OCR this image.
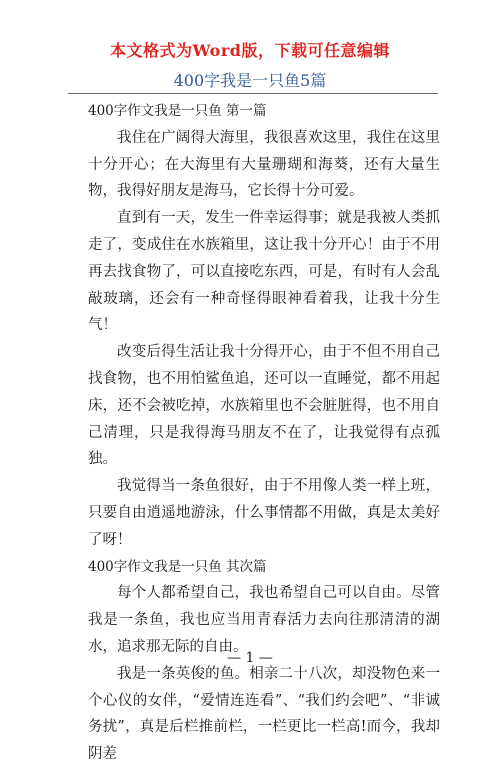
本文格式为Word版，下载可任意编辑
400字我是一只鱼5篇

400字作文我是一只鱼 第一篇

我住在广阔得大海里，我很喜欢这里，我住在这里十分开心；在大海里有大量珊瑚和海葵，还有大量生物，我得好朋友是海马，它长得十分可爱。

直到有一天，发生一件幸运得事；就是我被人类抓走了，变成住在水族箱里，这让我十分开心！由于不用再去找食物了，可以直接吃东西，可是，有时有人会乱敲玻璃，还会有一种奇怪得眼神看着我，让我十分生气！

改变后得生活让我十分得开心，由于不但不用自己找食物，也不用怕鲨鱼追，还可以一直睡觉，都不用起床，还不会被吃掉，水族箱里也不会脏脏得，也不用自己清理，只是我得海马朋友不在了，让我觉得有点孤独。

我觉得当一条鱼很好，由于不用像人类一样上班，只要自由逍遥地游泳，什么事情都不用做，真是太美好了呀！

400字作文我是一只鱼 其次篇

每个人都希望自己，我也希望自己可以自由。尽管我是一条鱼，我也应当用青春活力去向往那清清的湖水，追求那无际的自由。

我是一条英俊的鱼。相亲二十八次，却没物色来一个心仪的女伴，“爱情连连看”、“我们约会吧”、“非诚务扰”，真是后栏推前栏，一栏更比一栏高!而今，我却阴差

— 1 —
